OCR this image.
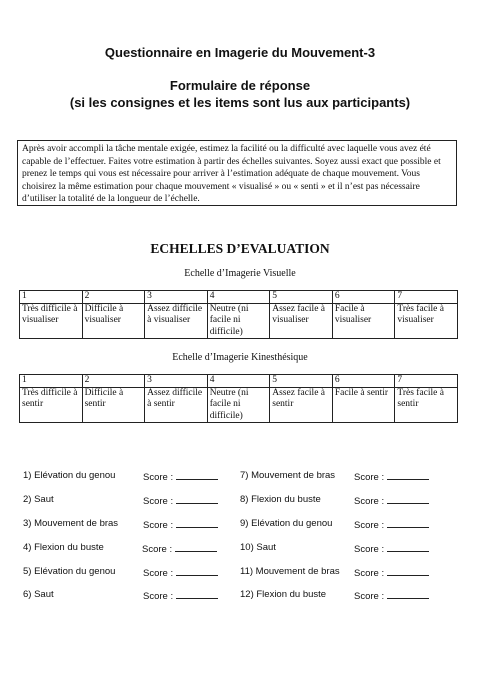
Questionnaire en Imagerie du Mouvement-3
Formulaire de réponse
(si les consignes et les items sont lus aux participants)
Après avoir accompli la tâche mentale exigée, estimez la facilité ou la difficulté avec laquelle vous avez été capable de l’effectuer. Faites votre estimation à partir des échelles suivantes. Soyez aussi exact que possible et prenez le temps qui vous est nécessaire pour arriver à l’estimation adéquate de chaque mouvement. Vous choisirez la même estimation pour chaque mouvement « visualisé » ou « senti » et il n’est pas nécessaire d’utiliser la totalité de la longueur de l’échelle.
ECHELLES D’EVALUATION
Echelle d’Imagerie Visuelle
1	2	3	4	5	6	7
Très difficile à visualiser	Difficile à visualiser	Assez difficile à visualiser	Neutre (ni facile ni difficile)	Assez facile à visualiser	Facile à visualiser	Très facile à visualiser
Echelle d’Imagerie Kinesthésique
1	2	3	4	5	6	7
Très difficile à sentir	Difficile à sentir	Assez difficile à sentir	Neutre (ni facile ni difficile)	Assez facile à sentir	Facile à sentir	Très facile à sentir
1) Elévation du genou	Score :
2) Saut	Score :
3) Mouvement de bras	Score :
4) Flexion du buste	Score :
5) Elévation du genou	Score :
6) Saut	Score :
7) Mouvement de bras Score :
8) Flexion du buste	Score :
9) Elévation du genou Score :
10) Saut	Score :
11) Mouvement de bras Score :
12) Flexion du buste	Score :
